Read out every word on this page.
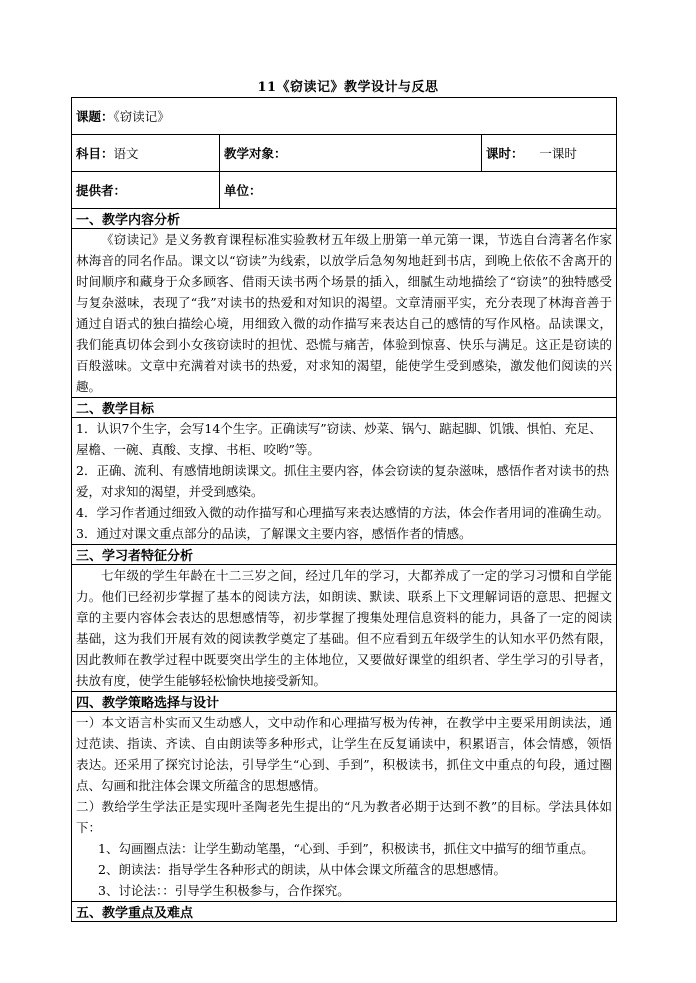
11《窃读记》教学设计与反思
课题：《窃读记》		
科目：语文	教学对象：	课时： 一课时
提供者：	单位：	
一、教学内容分析		

《窃读记》是义务教育课程标准实验教材五年级上册第一单元第一课，节选自台湾著名作家林海音的同名作品。课文以“窃读”为线索，以放学后急匆匆地赶到书店，到晚上依依不舍离开的时间顺序和藏身于众多顾客、借雨天读书两个场景的插入，细腻生动地描绘了“窃读”的独特感受与复杂滋味，表现了“我”对读书的热爱和对知识的渴望。文章清丽平实，充分表现了林海音善于通过自语式的独白描绘心境，用细致入微的动作描写来表达自己的感情的写作风格。品读课文，我们能真切体会到小女孩窃读时的担忧、恐慌与痛苦，体验到惊喜、快乐与满足。这正是窃读的百般滋味。文章中充满着对读书的热爱，对求知的渴望，能使学生受到感染，激发他们阅读的兴趣。		

二、教学目标		

1．认识7个生字，会写14个生字。正确读写”窃读、炒菜、锅勺、踮起脚、饥饿、惧怕、充足、屋檐、一碗、真酸、支撑、书柜、咬哟”等。
2．正确、流利、有感情地朗读课文。抓住主要内容，体会窃读的复杂滋味，感悟作者对读书的热爱，对求知的渴望，并受到感染。
4．学习作者通过细致入微的动作描写和心理描写来表达感情的方法，体会作者用词的准确生动。
3．通过对课文重点部分的品读，了解课文主要内容，感悟作者的情感。		

三、学习者特征分析		

七年级的学生年龄在十二三岁之间，经过几年的学习，大都养成了一定的学习习惯和自学能力。他们已经初步掌握了基本的阅读方法，如朗读、默读、联系上下文理解词语的意思、把握文章的主要内容体会表达的思想感情等，初步掌握了搜集处理信息资料的能力，具备了一定的阅读基础，这为我们开展有效的阅读教学奠定了基础。但不应看到五年级学生的认知水平仍然有限，因此教师在教学过程中既要突出学生的主体地位，又要做好课堂的组织者、学生学习的引导者，扶放有度，使学生能够轻松愉快地接受新知。		

四、教学策略选择与设计		

一）本文语言朴实而又生动感人，文中动作和心理描写极为传神，在教学中主要采用朗读法，通过范读、指读、齐读、自由朗读等多种形式，让学生在反复诵读中，积累语言，体会情感，领悟表达。还采用了探究讨论法，引导学生“心到、手到”，积极读书，抓住文中重点的句段，通过圈点、勾画和批注体会课文所蕴含的思想感情。
二）教给学生学法正是实现叶圣陶老先生提出的“凡为教者必期于达到不教”的目标。学法具体如下：
1、勾画圈点法：让学生勤动笔墨，“心到、手到”，积极读书，抓住文中描写的细节重点。
2、朗读法：指导学生各种形式的朗读，从中体会课文所蕴含的思想感情。
3、讨论法：：引导学生积极参与，合作探究。		

五、教学重点及难点		
